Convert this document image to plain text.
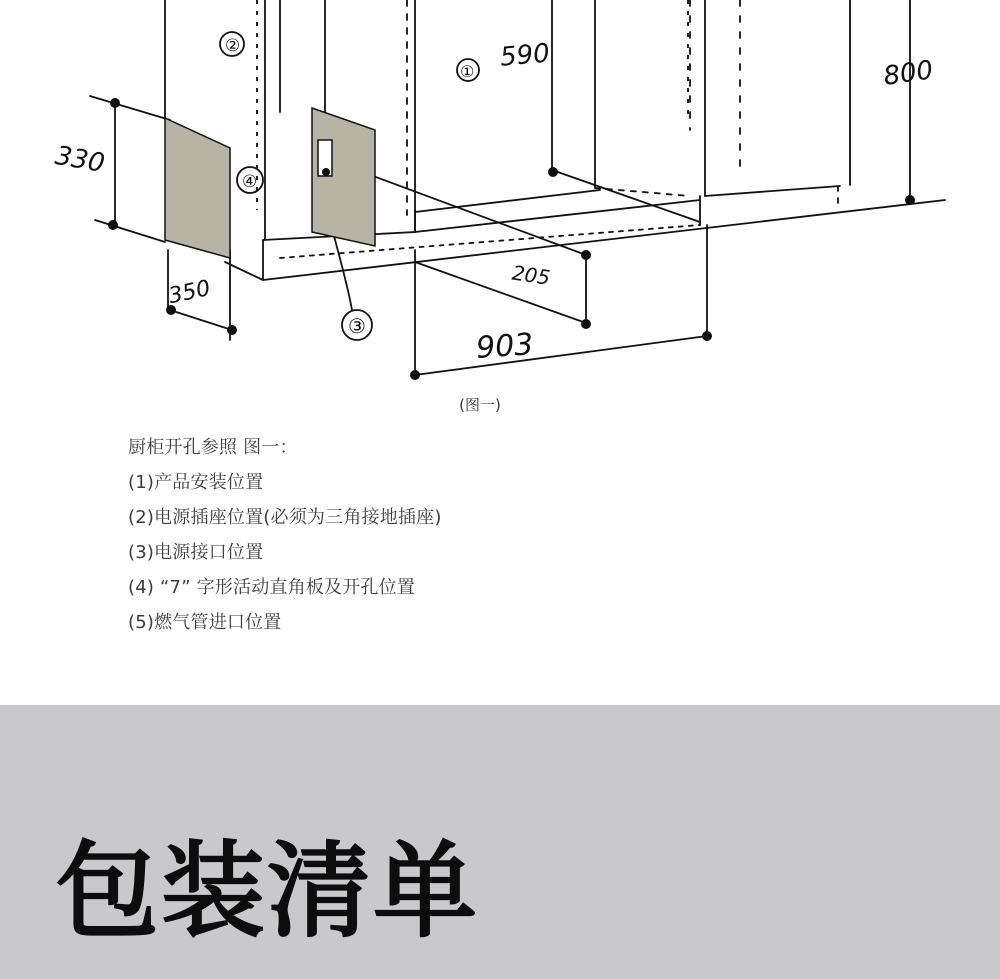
②
①
④
③
590	800
330
350
205
903
(图一)
厨柜开孔参照 图一：
(1)产品安装位置
(2)电源插座位置(必须为三角接地插座)
(3)电源接口位置
(4) “7” 字形活动直角板及开孔位置
(5)燃气管进口位置
包装清单
